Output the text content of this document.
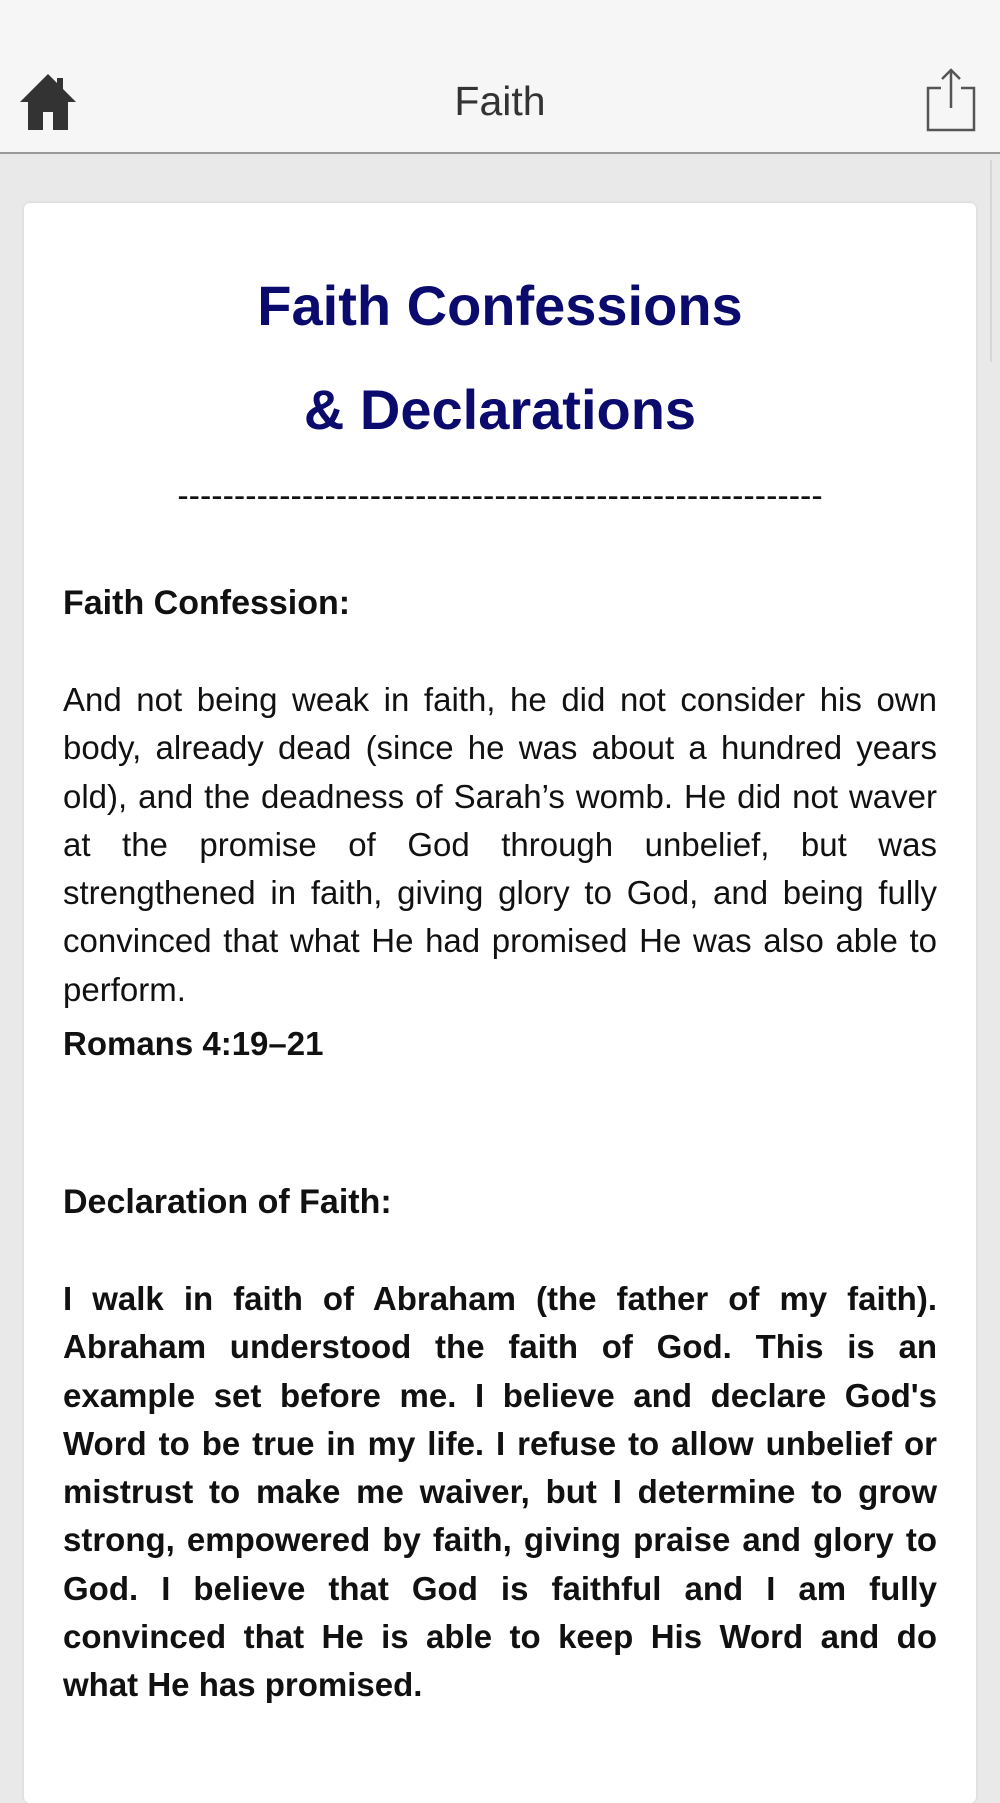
Faith
Faith Confessions
& Declarations
---------------------------------------------------------
Faith Confession:
And not being weak in faith, he did not consider his own body, already dead (since he was about a hundred years old), and the deadness of Sarah’s womb. He did not waver at the promise of God through unbelief, but was strengthened in faith, giving glory to God, and being fully convinced that what He had promised He was also able to perform.
Romans 4:19–21
Declaration of Faith:
I walk in faith of Abraham (the father of my faith). Abraham understood the faith of God. This is an example set before me. I believe and declare God's Word to be true in my life. I refuse to allow unbelief or mistrust to make me waiver, but I determine to grow strong, empowered by faith, giving praise and glory to God. I believe that God is faithful and I am fully convinced that He is able to keep His Word and do what He has promised.
